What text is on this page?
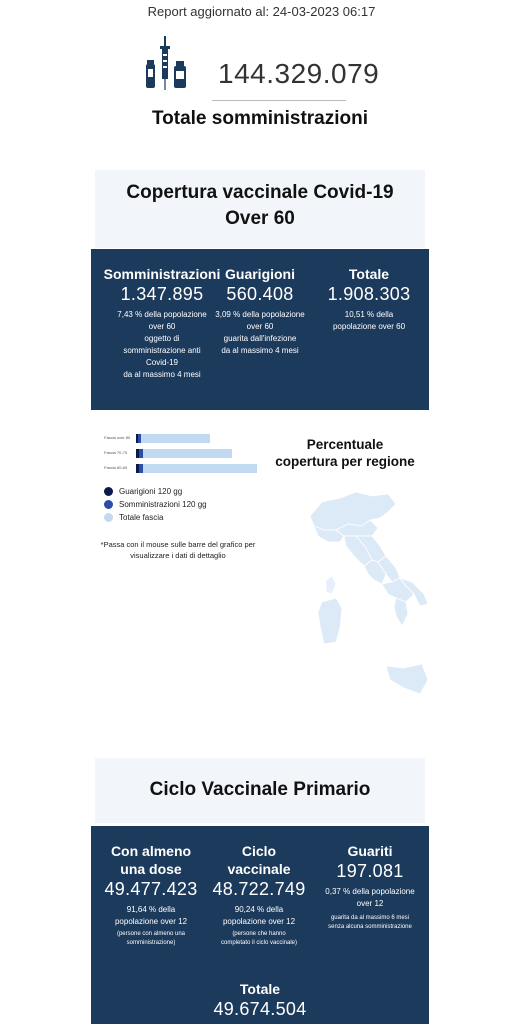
Report aggiornato al: 24-03-2023 06:17
144.329.079
Totale somministrazioni
Copertura vaccinale Covid-19
Over 60
Somministrazioni
1.347.895
7,43 % della popolazione
over 60
oggetto di
somministrazione anti
Covid-19
da al massimo 4 mesi
Guarigioni
560.408
3,09 % della popolazione
over 60
guarita dall'infezione
da al massimo 4 mesi
Totale
1.908.303
10,51 % della
popolazione over 60
Fascia over 80
Fascia 70-79
Fascia 60-69
Guarigioni 120 gg
Somministrazioni 120 gg
Totale fascia
*Passa con il mouse sulle barre del grafico per
visualizzare i dati di dettaglio
Percentuale
copertura per regione
Ciclo Vaccinale Primario
Con almeno
una dose
49.477.423
91,64 % della
popolazione over 12
(persone con almeno una
somministrazione)
Ciclo
vaccinale
48.722.749
90,24 % della
popolazione over 12
(persone che hanno
completato il ciclo vaccinale)
Guariti
197.081
0,37 % della popolazione
over 12
guarita da al massimo 6 mesi
senza alcuna somministrazione
Totale
49.674.504
